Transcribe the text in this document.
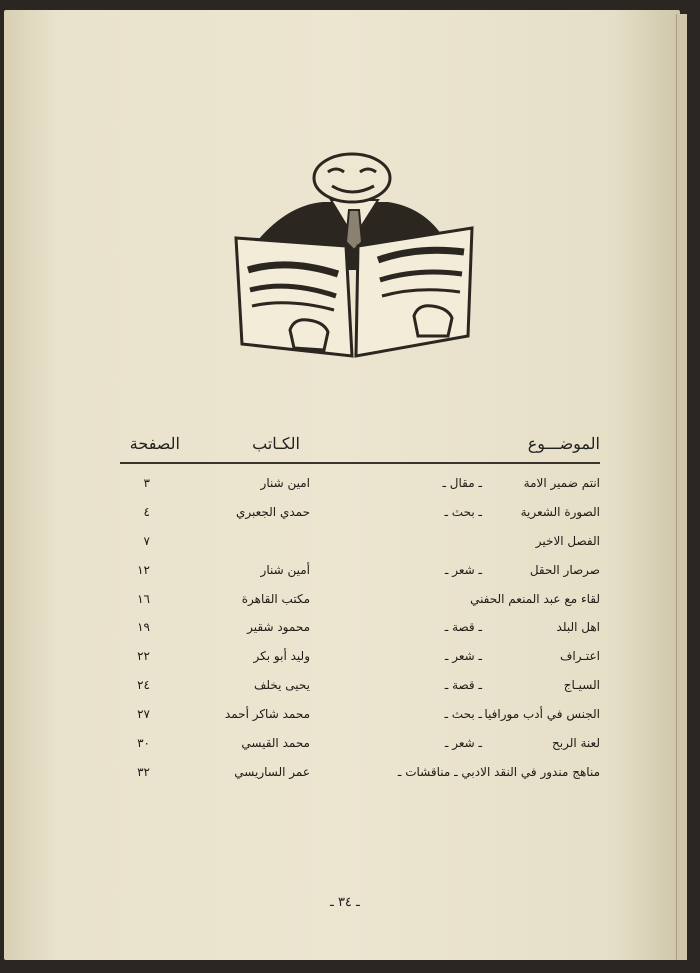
الموضـــوع
الكـاتب
الصفحة
انتم ضمير الامة
ـ مقال ـ
امين شنار
٣
الصورة الشعرية
ـ بحث ـ
حمدي الجعبري
٤
الفصل الاخير
٧
صرصار الحقل
ـ شعر ـ
أمين شنار
١٢
لقاء مع عبد المنعم الحفني
مكتب القاهرة
١٦
اهل البلد
ـ قصة ـ
محمود شقير
١٩
اعتـراف
ـ شعر ـ
وليد أبو بكر
٢٢
السيـاج
ـ قصة ـ
يحيى يخلف
٢٤
الجنس في أدب مورافيا
ـ بحث ـ
محمد شاكر أحمد
٢٧
لعنة الربح
ـ شعر ـ
محمد القيسي
٣٠
مناهج مندور في النقد الادبي ـ مناقشات ـ
عمر الساريسي
٣٢
ـ ٣٤ ـ
